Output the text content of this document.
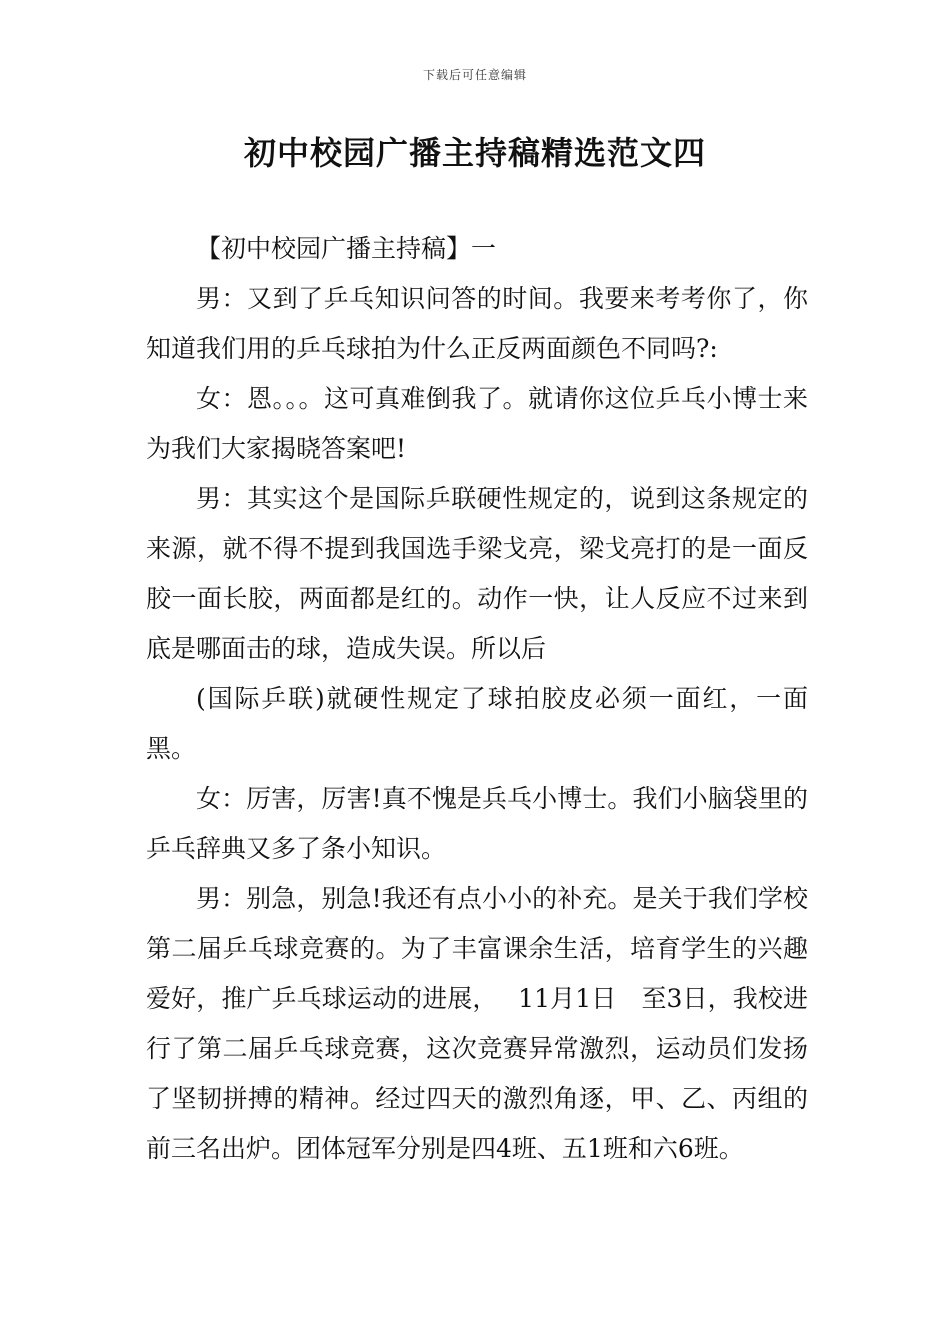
下载后可任意编辑
初中校园广播主持稿精选范文四

【初中校园广播主持稿】一

男：又到了乒乓知识问答的时间。我要来考考你了，你知道我们用的乒乓球拍为什么正反两面颜色不同吗?:

女：恩。。。这可真难倒我了。就请你这位乒乓小博士来为我们大家揭晓答案吧!

男：其实这个是国际乒联硬性规定的，说到这条规定的来源，就不得不提到我国选手梁戈亮，梁戈亮打的是一面反胶一面长胶，两面都是红的。动作一快，让人反应不过来到底是哪面击的球，造成失误。所以后

(国际乒联)就硬性规定了球拍胶皮必须一面红，一面黑。

女：厉害，厉害!真不愧是兵乓小博士。我们小脑袋里的乒乓辞典又多了条小知识。

男：别急，别急!我还有点小小的补充。是关于我们学校第二届乒乓球竞赛的。为了丰富课余生活，培育学生的兴趣爱好，推广乒乓球运动的进展，　 11月1日　至3日，我校进行了第二届乒乓球竞赛，这次竞赛异常激烈，运动员们发扬了坚韧拼搏的精神。经过四天的激烈角逐，甲、乙、丙组的前三名出炉。团体冠军分别是四4班、五1班和六6班。
